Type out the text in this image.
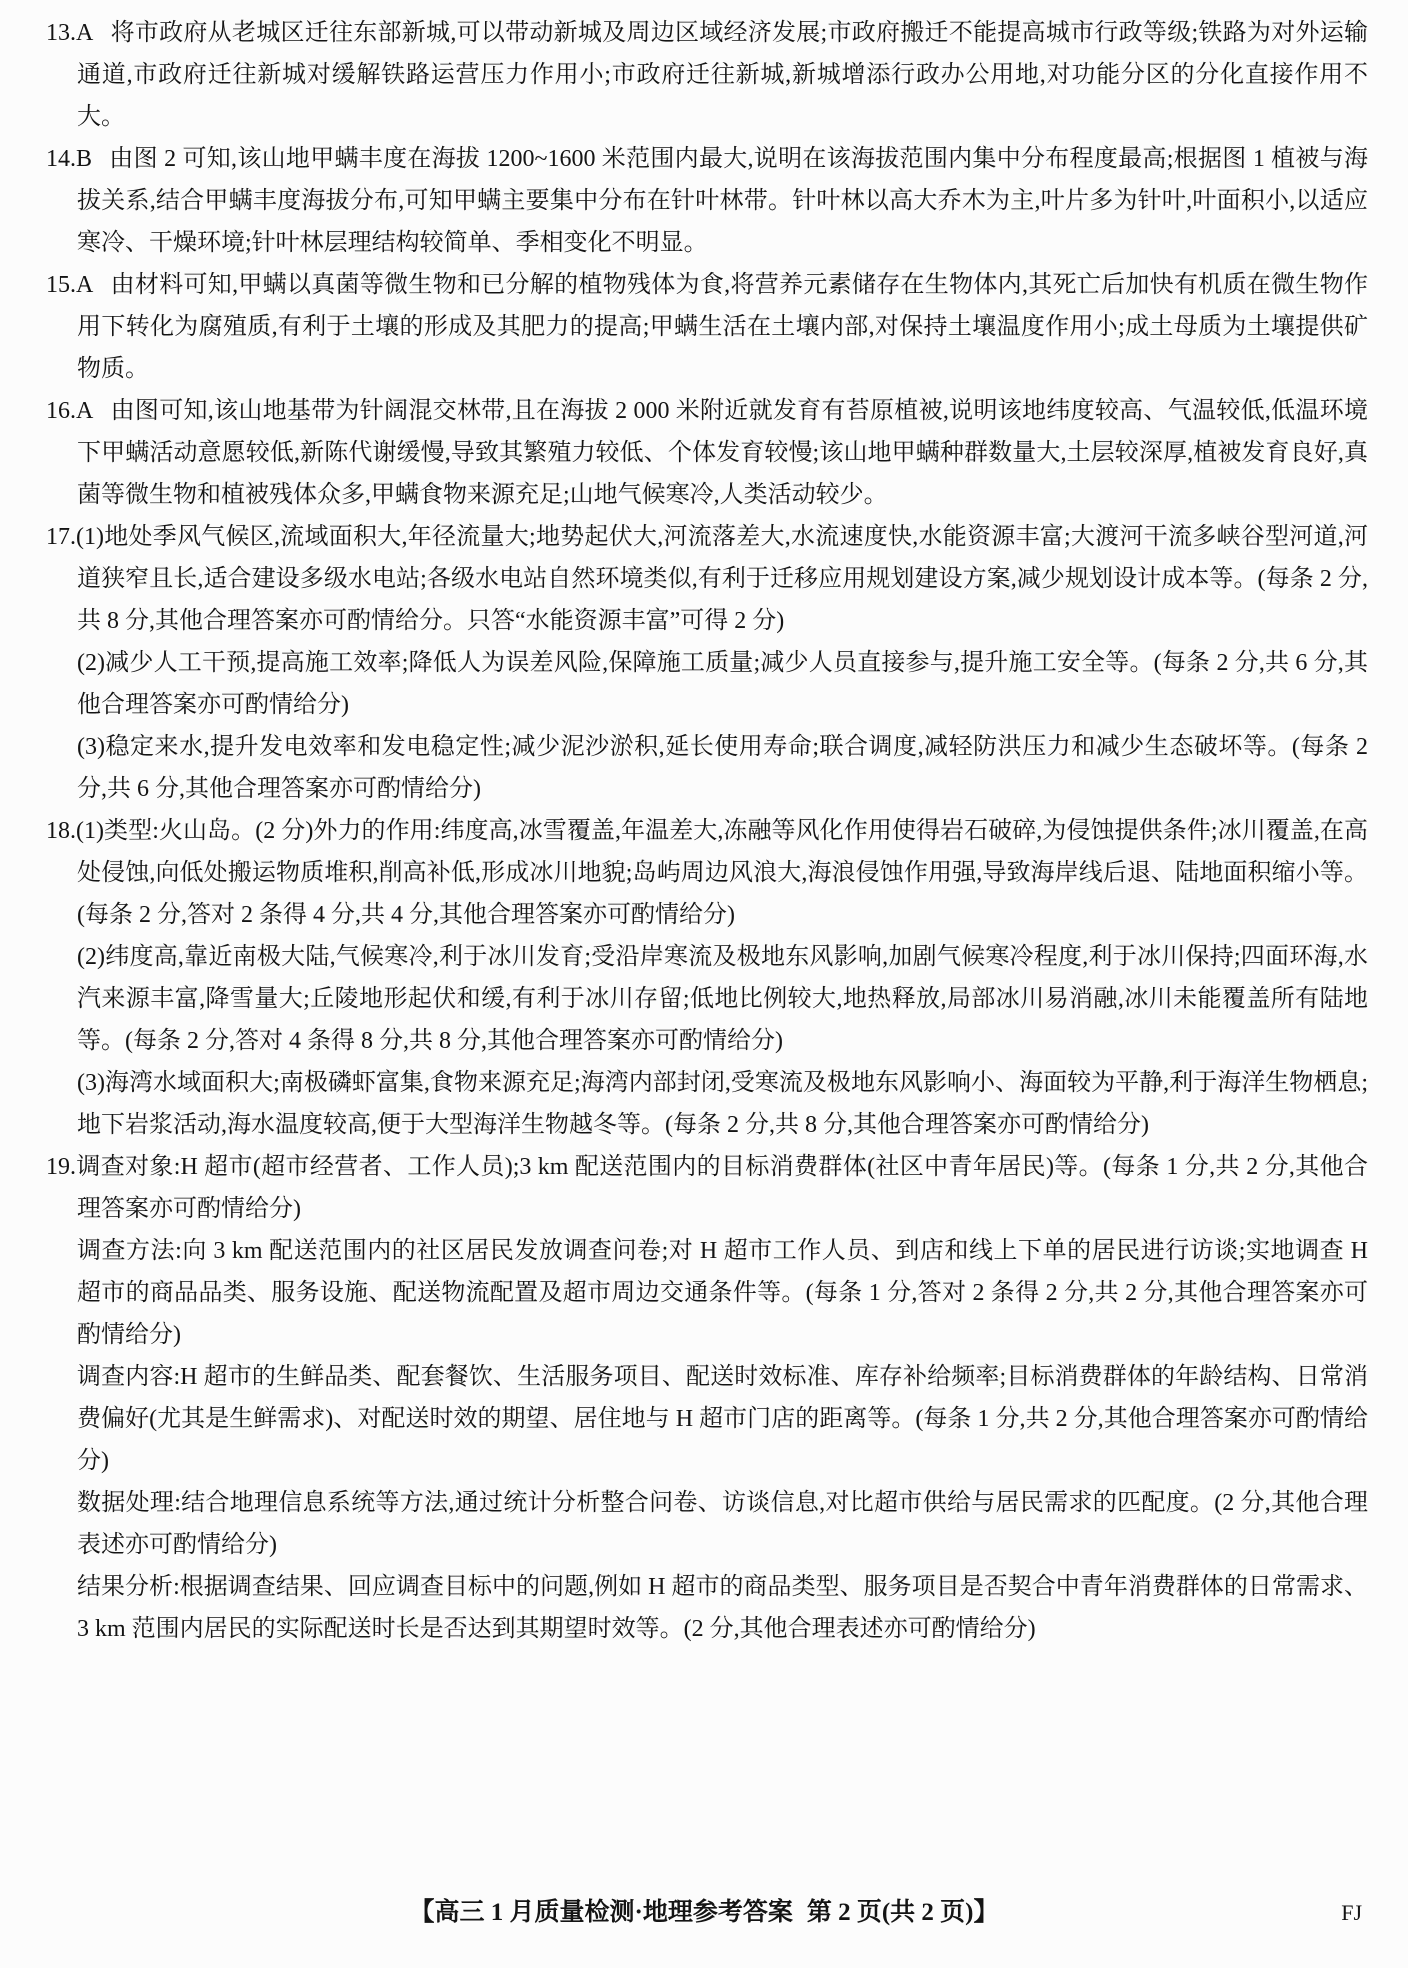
13.A 将市政府从老城区迁往东部新城,可以带动新城及周边区域经济发展;市政府搬迁不能提高城市行政等级;铁路为对外运输通道,市政府迁往新城对缓解铁路运营压力作用小;市政府迁往新城,新城增添行政办公用地,对功能分区的分化直接作用不大。
14.B 由图 2 可知,该山地甲螨丰度在海拔 1200~1600 米范围内最大,说明在该海拔范围内集中分布程度最高;根据图 1 植被与海拔关系,结合甲螨丰度海拔分布,可知甲螨主要集中分布在针叶林带。针叶林以高大乔木为主,叶片多为针叶,叶面积小,以适应寒冷、干燥环境;针叶林层理结构较简单、季相变化不明显。
15.A 由材料可知,甲螨以真菌等微生物和已分解的植物残体为食,将营养元素储存在生物体内,其死亡后加快有机质在微生物作用下转化为腐殖质,有利于土壤的形成及其肥力的提高;甲螨生活在土壤内部,对保持土壤温度作用小;成土母质为土壤提供矿物质。
16.A 由图可知,该山地基带为针阔混交林带,且在海拔 2 000 米附近就发育有苔原植被,说明该地纬度较高、气温较低,低温环境下甲螨活动意愿较低,新陈代谢缓慢,导致其繁殖力较低、个体发育较慢;该山地甲螨种群数量大,土层较深厚,植被发育良好,真菌等微生物和植被残体众多,甲螨食物来源充足;山地气候寒冷,人类活动较少。
17.(1)地处季风气候区,流域面积大,年径流量大;地势起伏大,河流落差大,水流速度快,水能资源丰富;大渡河干流多峡谷型河道,河道狭窄且长,适合建设多级水电站;各级水电站自然环境类似,有利于迁移应用规划建设方案,减少规划设计成本等。(每条 2 分,共 8 分,其他合理答案亦可酌情给分。只答“水能资源丰富”可得 2 分)
(2)减少人工干预,提高施工效率;降低人为误差风险,保障施工质量;减少人员直接参与,提升施工安全等。(每条 2 分,共 6 分,其他合理答案亦可酌情给分)
(3)稳定来水,提升发电效率和发电稳定性;减少泥沙淤积,延长使用寿命;联合调度,减轻防洪压力和减少生态破坏等。(每条 2 分,共 6 分,其他合理答案亦可酌情给分)
18.(1)类型:火山岛。(2 分)外力的作用:纬度高,冰雪覆盖,年温差大,冻融等风化作用使得岩石破碎,为侵蚀提供条件;冰川覆盖,在高处侵蚀,向低处搬运物质堆积,削高补低,形成冰川地貌;岛屿周边风浪大,海浪侵蚀作用强,导致海岸线后退、陆地面积缩小等。(每条 2 分,答对 2 条得 4 分,共 4 分,其他合理答案亦可酌情给分)
(2)纬度高,靠近南极大陆,气候寒冷,利于冰川发育;受沿岸寒流及极地东风影响,加剧气候寒冷程度,利于冰川保持;四面环海,水汽来源丰富,降雪量大;丘陵地形起伏和缓,有利于冰川存留;低地比例较大,地热释放,局部冰川易消融,冰川未能覆盖所有陆地等。(每条 2 分,答对 4 条得 8 分,共 8 分,其他合理答案亦可酌情给分)
(3)海湾水域面积大;南极磷虾富集,食物来源充足;海湾内部封闭,受寒流及极地东风影响小、海面较为平静,利于海洋生物栖息;地下岩浆活动,海水温度较高,便于大型海洋生物越冬等。(每条 2 分,共 8 分,其他合理答案亦可酌情给分)
19.调查对象:H 超市(超市经营者、工作人员);3 km 配送范围内的目标消费群体(社区中青年居民)等。(每条 1 分,共 2 分,其他合理答案亦可酌情给分)
调查方法:向 3 km 配送范围内的社区居民发放调查问卷;对 H 超市工作人员、到店和线上下单的居民进行访谈;实地调查 H 超市的商品品类、服务设施、配送物流配置及超市周边交通条件等。(每条 1 分,答对 2 条得 2 分,共 2 分,其他合理答案亦可酌情给分)
调查内容:H 超市的生鲜品类、配套餐饮、生活服务项目、配送时效标准、库存补给频率;目标消费群体的年龄结构、日常消费偏好(尤其是生鲜需求)、对配送时效的期望、居住地与 H 超市门店的距离等。(每条 1 分,共 2 分,其他合理答案亦可酌情给分)
数据处理:结合地理信息系统等方法,通过统计分析整合问卷、访谈信息,对比超市供给与居民需求的匹配度。(2 分,其他合理表述亦可酌情给分)
结果分析:根据调查结果、回应调查目标中的问题,例如 H 超市的商品类型、服务项目是否契合中青年消费群体的日常需求、3 km 范围内居民的实际配送时长是否达到其期望时效等。(2 分,其他合理表述亦可酌情给分)
【高三 1 月质量检测·地理参考答案 第 2 页(共 2 页)】	FJ
